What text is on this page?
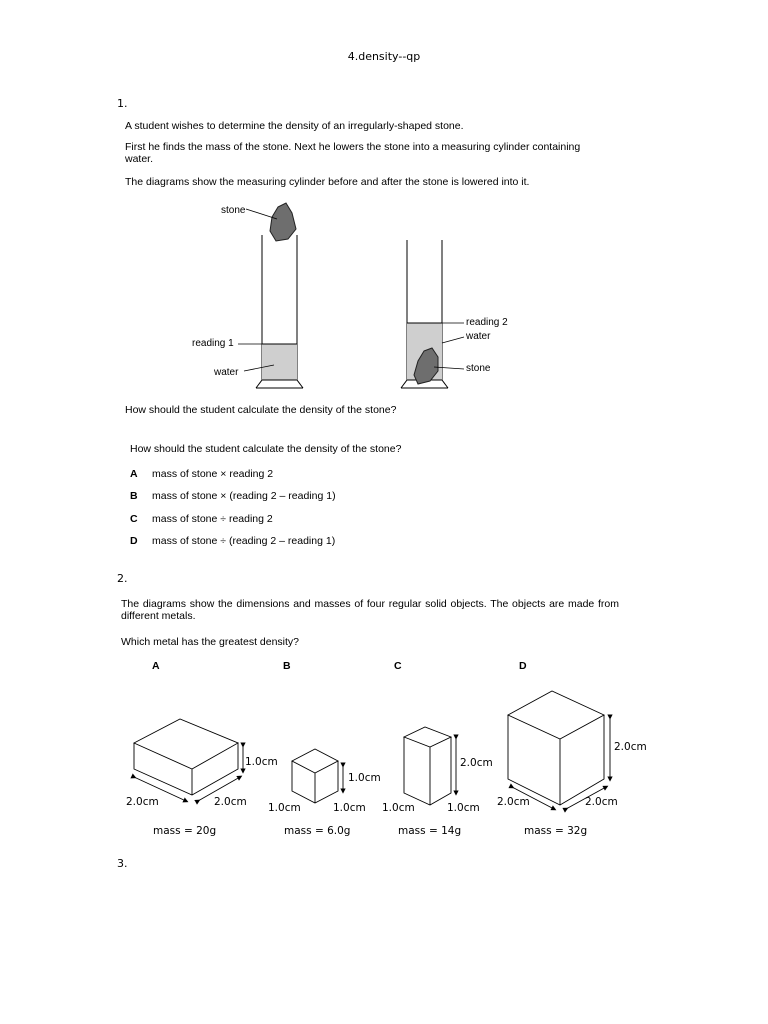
4.density--qp
1.
A student wishes to determine the density of an irregularly-shaped stone.
First he finds the mass of the stone. Next he lowers the stone into a measuring cylinder containing water.
The diagrams show the measuring cylinder before and after the stone is lowered into it.
stone
reading 1
water
reading 2
water
stone
How should the student calculate the density of the stone?
How should the student calculate the density of the stone?
A mass of stone × reading 2
B mass of stone × (reading 2 – reading 1)
C mass of stone ÷ reading 2
D mass of stone ÷ (reading 2 – reading 1)
2.
The diagrams show the dimensions and masses of four regular solid objects. The objects are made from different metals.
Which metal has the greatest density?
A	B	C	D
1.0cm
2.0cm	2.0cm
1.0cm
1.0cm	1.0cm
2.0cm
1.0cm	1.0cm
2.0cm
2.0cm	2.0cm
mass = 20g	mass = 6.0g	mass = 14g	mass = 32g
3.
